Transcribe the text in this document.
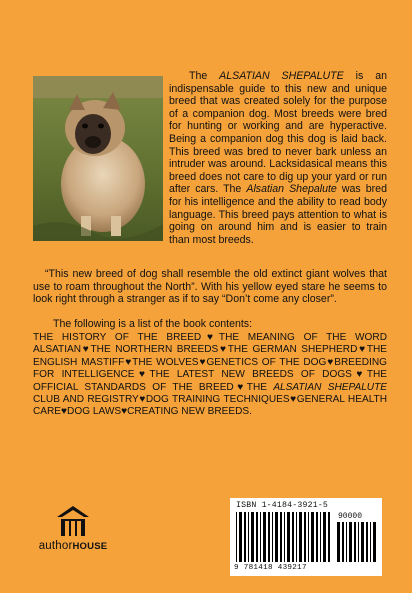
The ALSATIAN SHEPALUTE is an indispensable guide to this new and unique breed that was created solely for the purpose of a companion dog. Most breeds were bred for hunting or working and are hyperactive. Being a companion dog this dog is laid back. This breed was bred to never bark unless an intruder was around. Lacksidasical means this breed does not care to dig up your yard or run after cars. The Alsatian Shepalute was bred for his intelligence and the ability to read body language. This breed pays attention to what is going on around him and is easier to train than most breeds.

“This new breed of dog shall resemble the old extinct giant wolves that use to roam throughout the North”. With his yellow eyed stare he seems to look right through a stranger as if to say “Don’t come any closer”.

The following is a list of the book contents:
THE HISTORY OF THE BREED♥THE MEANING OF THE WORD ALSATIAN♥THE NORTHERN BREEDS♥THE GERMAN SHEPHERD♥THE ENGLISH MASTIFF♥THE WOLVES♥GENETICS OF THE DOG♥BREEDING FOR INTELLIGENCE♥THE LATEST NEW BREEDS OF DOGS♥THE OFFICIAL STANDARDS OF THE BREED♥THE ALSATIAN SHEPALUTE CLUB AND REGISTRY♥DOG TRAINING TECHNIQUES♥GENERAL HEALTH CARE♥DOG LAWS♥CREATING NEW BREEDS.
authorHOUSE
ISBN 1-4184-3921-5
90000
9 781418 439217
